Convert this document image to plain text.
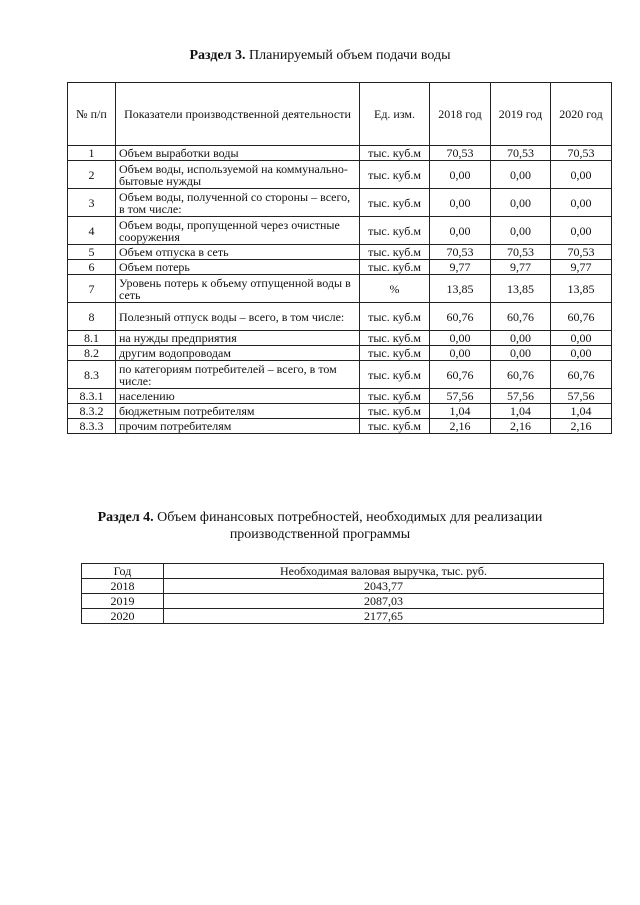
Раздел 3. Планируемый объем подачи воды
№ п/п	Показатели производственной деятельности	Ед. изм.	2018 год	2019 год	2020 год
1	Объем выработки воды	тыс. куб.м	70,53	70,53	70,53
2	Объем воды, используемой на коммунально-бытовые нужды	тыс. куб.м	0,00	0,00	0,00
3	Объем воды, полученной со стороны – всего, в том числе:	тыс. куб.м	0,00	0,00	0,00
4	Объем воды, пропущенной через очистные сооружения	тыс. куб.м	0,00	0,00	0,00
5	Объем отпуска в сеть	тыс. куб.м	70,53	70,53	70,53
6	Объем потерь	тыс. куб.м	9,77	9,77	9,77
7	Уровень потерь к объему отпущенной воды в сеть	%	13,85	13,85	13,85
8	Полезный отпуск воды – всего, в том числе:	тыс. куб.м	60,76	60,76	60,76
8.1	на нужды предприятия	тыс. куб.м	0,00	0,00	0,00
8.2	другим водопроводам	тыс. куб.м	0,00	0,00	0,00
8.3	по категориям потребителей – всего, в том числе:	тыс. куб.м	60,76	60,76	60,76
8.3.1	населению	тыс. куб.м	57,56	57,56	57,56
8.3.2	бюджетным потребителям	тыс. куб.м	1,04	1,04	1,04
8.3.3	прочим потребителям	тыс. куб.м	2,16	2,16	2,16
Раздел 4. Объем финансовых потребностей, необходимых для реализации
производственной программы
Год	Необходимая валовая выручка, тыс. руб.
2018	2043,77
2019	2087,03
2020	2177,65
